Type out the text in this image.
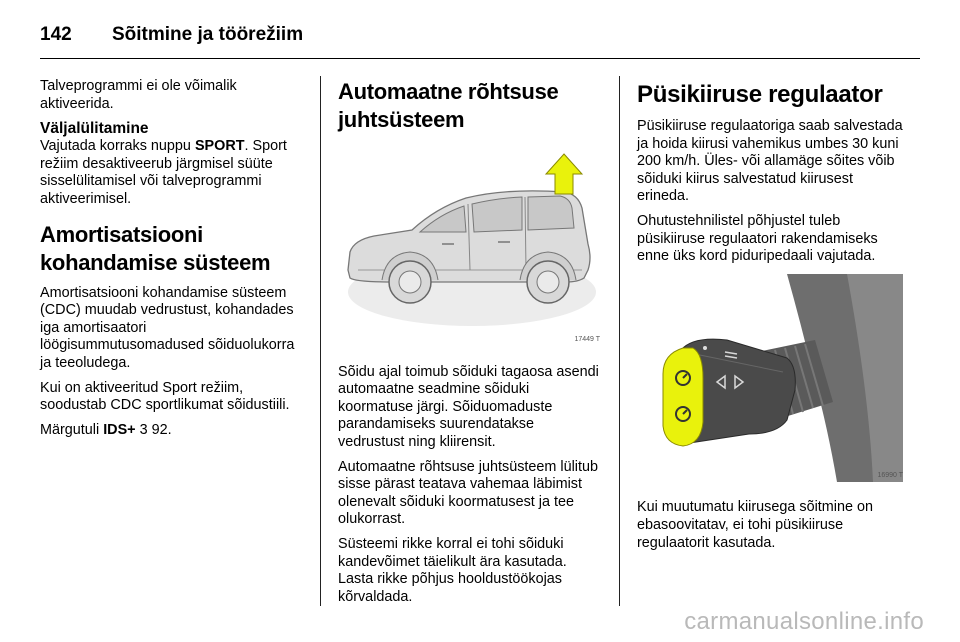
142	Sõitmine ja töörežiim

Talveprogrammi ei ole võimalik aktiveerida.

Väljalülitamine

Vajutada korraks nuppu SPORT. Sport režiim desaktiveerub järgmisel süüte sisselülitamisel või talveprogrammi aktiveerimisel.

Amortisatsiooni kohandamise süsteem

Amortisatsiooni kohandamise süsteem (CDC) muudab vedrustust, kohandades iga amortisaatori löögisummutusomadused sõiduolukorra ja teeoludega.

Kui on aktiveeritud Sport režiim, soodustab CDC sportlikumat sõidustiili.

Märgutuli IDS+ 3 92.

Automaatne rõhtsuse juhtsüsteem
17449 T

Sõidu ajal toimub sõiduki tagaosa asendi automaatne seadmine sõiduki koormatuse järgi. Sõiduomaduste parandamiseks suurendatakse vedrustust ning kliirensit.

Automaatne rõhtsuse juhtsüsteem lülitub sisse pärast teatava vahemaa läbimist olenevalt sõiduki koormatusest ja tee olukorrast.

Süsteemi rikke korral ei tohi sõiduki kandevõimet täielikult ära kasutada. Lasta rikke põhjus hooldustöökojas kõrvaldada.

Püsikiiruse regulaator

Püsikiiruse regulaatoriga saab salvestada ja hoida kiirusi vahemikus umbes 30 kuni 200 km/h. Üles- või allamäge sõites võib sõiduki kiirus salvestatud kiirusest erineda.

Ohutustehnilistel põhjustel tuleb püsikiiruse regulaatori rakendamiseks enne üks kord piduripedaali vajutada.

16990 T

Kui muutumatu kiirusega sõitmine on ebasoovitatav, ei tohi püsikiiruse regulaatorit kasutada.

carmanualsonline.info
